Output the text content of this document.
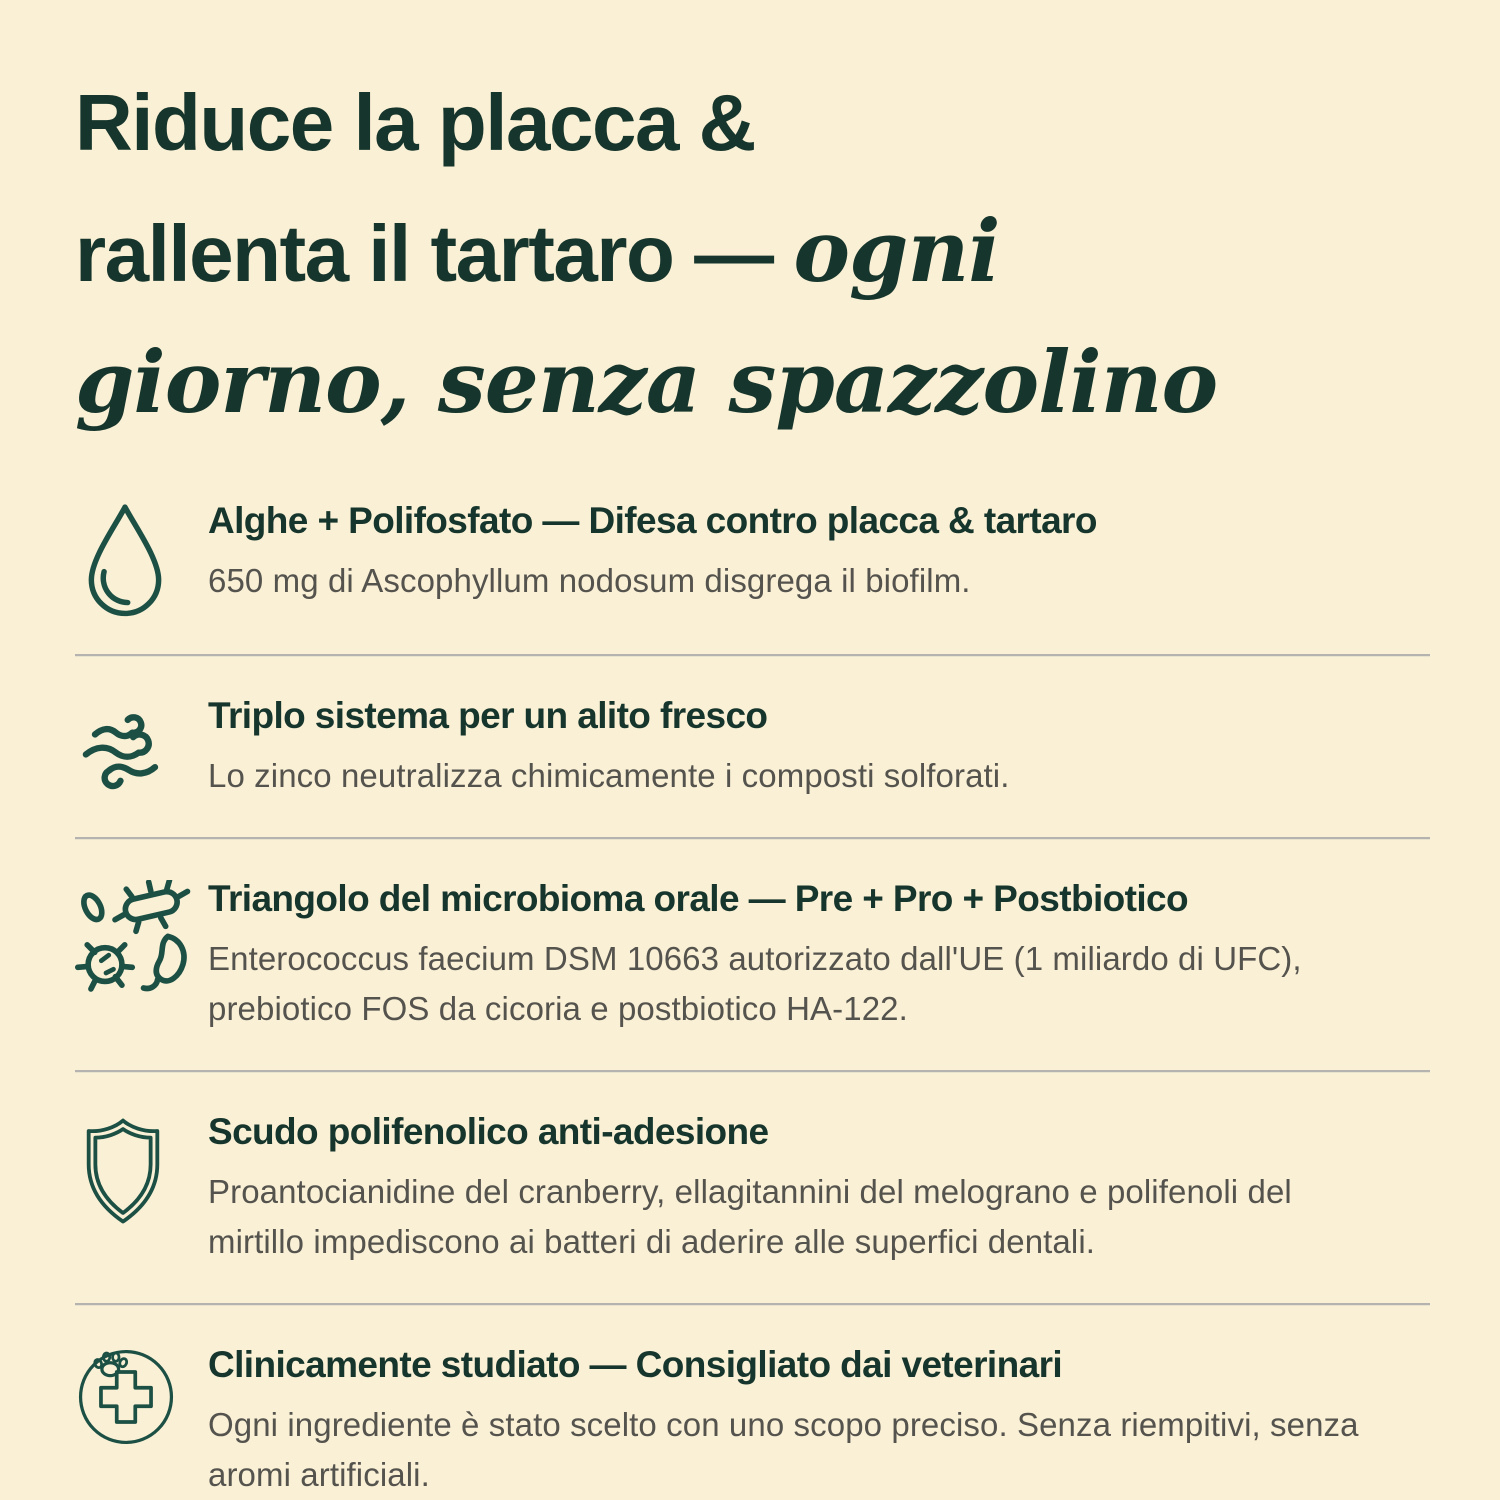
Riduce la placca &
rallenta il tartaro — ogni
giorno, senza spazzolino
Alghe + Polifosfato — Difesa contro placca & tartaro

650 mg di Ascophyllum nodosum disgrega il biofilm.

Triplo sistema per un alito fresco

Lo zinco neutralizza chimicamente i composti solforati.

Triangolo del microbioma orale — Pre + Pro + Postbiotico

Enterococcus faecium DSM 10663 autorizzato dall'UE (1 miliardo di UFC), prebiotico FOS da cicoria e postbiotico HA-122.

Scudo polifenolico anti-adesione

Proantocianidine del cranberry, ellagitannini del melograno e polifenoli del mirtillo impediscono ai batteri di aderire alle superfici dentali.

Clinicamente studiato — Consigliato dai veterinari

Ogni ingrediente è stato scelto con uno scopo preciso. Senza riempitivi, senza aromi artificiali.
